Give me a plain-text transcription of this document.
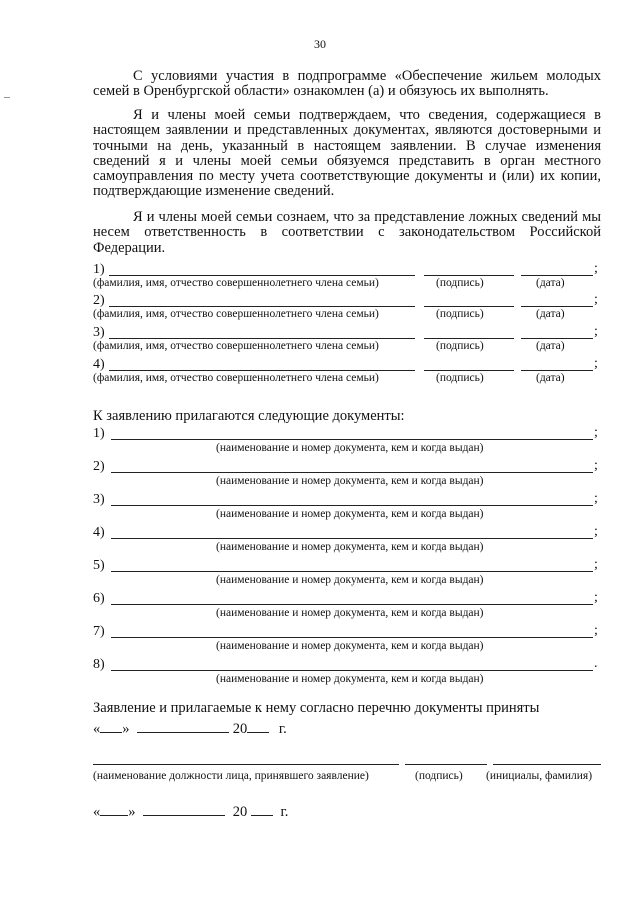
30

С условиями участия в подпрограмме «Обеспечение жильем молодых семей в Оренбургской области» ознакомлен (а) и обязуюсь их выполнять.

Я и члены моей семьи подтверждаем, что сведения, содержащиеся в настоящем заявлении и представленных документах, являются достоверными и точными на день, указанный в настоящем заявлении. В случае изменения сведений я и члены моей семьи обязуемся представить в орган местного самоуправления по месту учета соответствующие документы и (или) их копии, подтверждающие изменение сведений.

Я и члены моей семьи сознаем, что за представление ложных сведений мы несем ответственность в соответствии с законодательством Российской Федерации.

1)	;
(фамилия, имя, отчество совершеннолетнего члена семьи)	(подпись)	(дата)
2)	;
(фамилия, имя, отчество совершеннолетнего члена семьи)	(подпись)	(дата)
3)	;
(фамилия, имя, отчество совершеннолетнего члена семьи)	(подпись)	(дата)
4)	;
(фамилия, имя, отчество совершеннолетнего члена семьи)	(подпись)	(дата)
К заявлению прилагаются следующие документы:
1)	;
(наименование и номер документа, кем и когда выдан)
2)	;
(наименование и номер документа, кем и когда выдан)
3)	;
(наименование и номер документа, кем и когда выдан)
4)	;
(наименование и номер документа, кем и когда выдан)
5)	;
(наименование и номер документа, кем и когда выдан)
6)	;
(наименование и номер документа, кем и когда выдан)
7)	;
(наименование и номер документа, кем и когда выдан)
8)	.
(наименование и номер документа, кем и когда выдан)
Заявление и прилагаемые к нему согласно перечню документы приняты
« »	20 г.
(наименование должности лица, принявшего заявление)	(подпись) (инициалы, фамилия)
« »	20 г.
